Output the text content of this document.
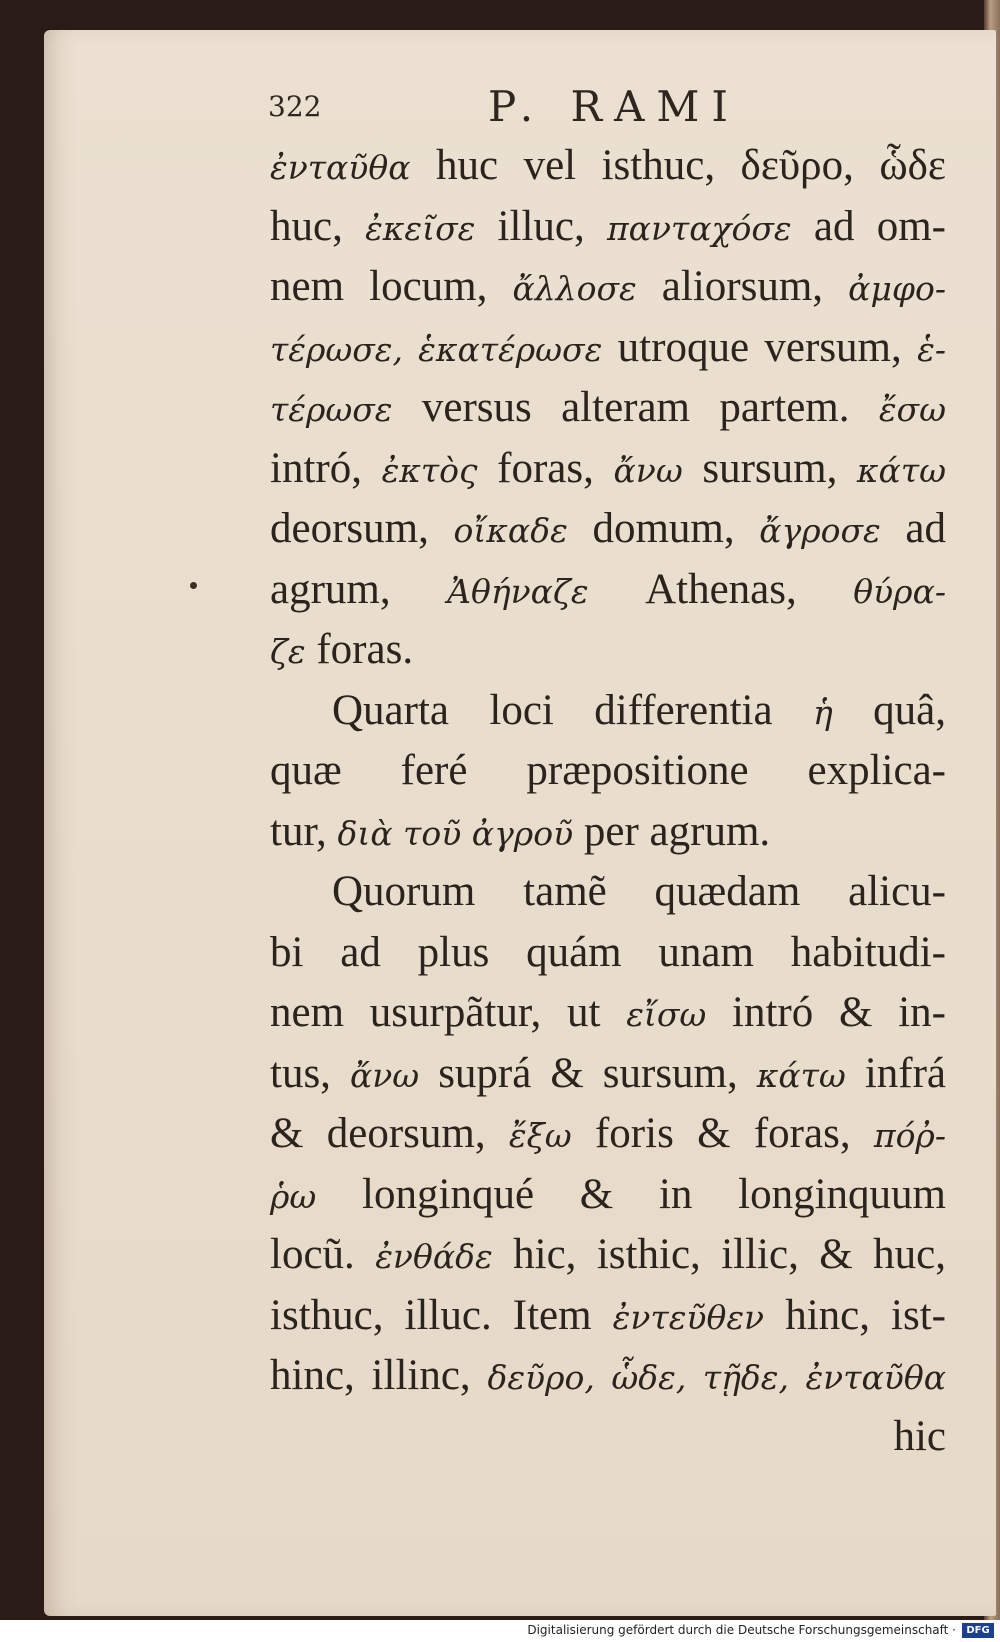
322	P. RAMI
ἐνταῦθα huc vel isthuc, δεῦρο, ὧδε
huc, ἐκεῖσε illuc, πανταχόσε ad om-
nem locum, ἄλλοσε aliorsum, ἀμφο-
τέρωσε, ἑκατέρωσε utroque versum, ἑ-
τέρωσε versus alteram partem. ἔσω
intró, ἐκτὸς foras, ἄνω sursum, κάτω
deorsum, οἴκαδε domum, ἄγροσε ad
agrum, Ἀθήναζε Athenas, θύρα-
ζε foras.
Quarta loci differentia ἡ quâ,
quæ feré præpositione explica-
tur, διὰ τοῦ ἀγροῦ per agrum.
Quorum tamẽ quædam alicu-
bi ad plus quám unam habitudi-
nem usurpãtur, ut εἴσω intró & in-
tus, ἄνω suprá & sursum, κάτω infrá
& deorsum, ἔξω foris & foras, πόῤ-
ῥω longinqué & in longinquum
locũ. ἐνθάδε hic, isthic, illic, & huc,
isthuc, illuc. Item ἐντεῦθεν hinc, ist-
hinc, illinc, δεῦρο, ὧδε, τῇδε, ἐνταῦθα
hic
Digitalisierung gefördert durch die Deutsche Forschungsgemeinschaft ·	DFG
